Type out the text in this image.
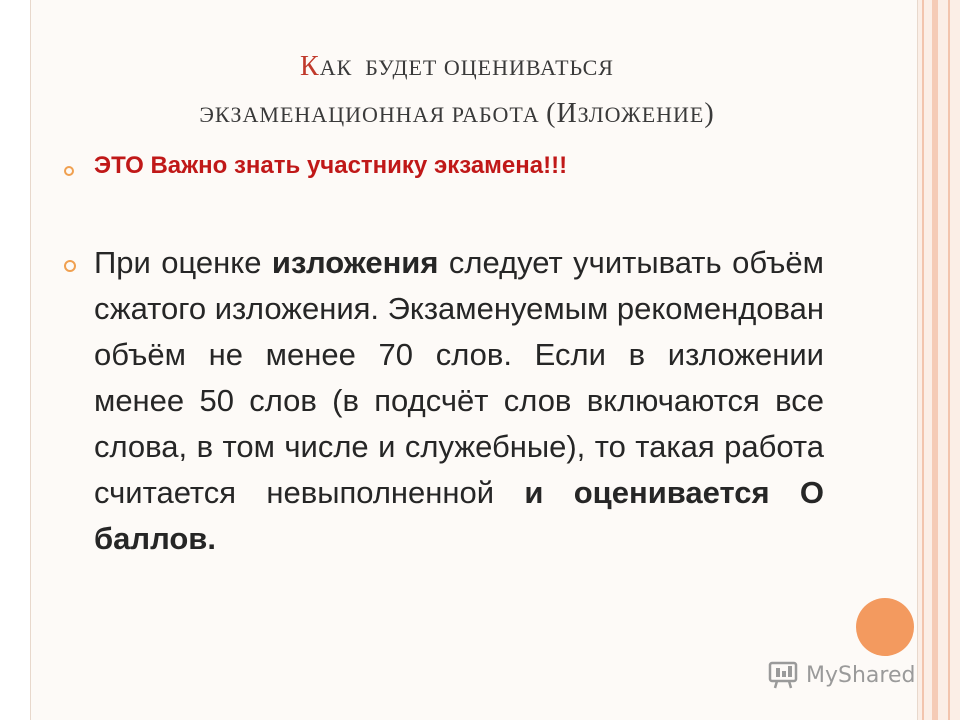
КАК  БУДЕТ ОЦЕНИВАТЬСЯ
ЭКЗАМЕНАЦИОННАЯ РАБОТА (ИЗЛОЖЕНИЕ)
ЭТО Важно знать участнику экзамена!!!
При оценке изложения следует учитывать объём сжатого изложения. Экзаменуемым рекомендован объём не менее 70 слов. Если в изложении менее 50 слов (в подсчёт слов включаются все слова, в том числе и служебные), то такая работа считается невыполненной и оценивается О баллов.
MyShared
